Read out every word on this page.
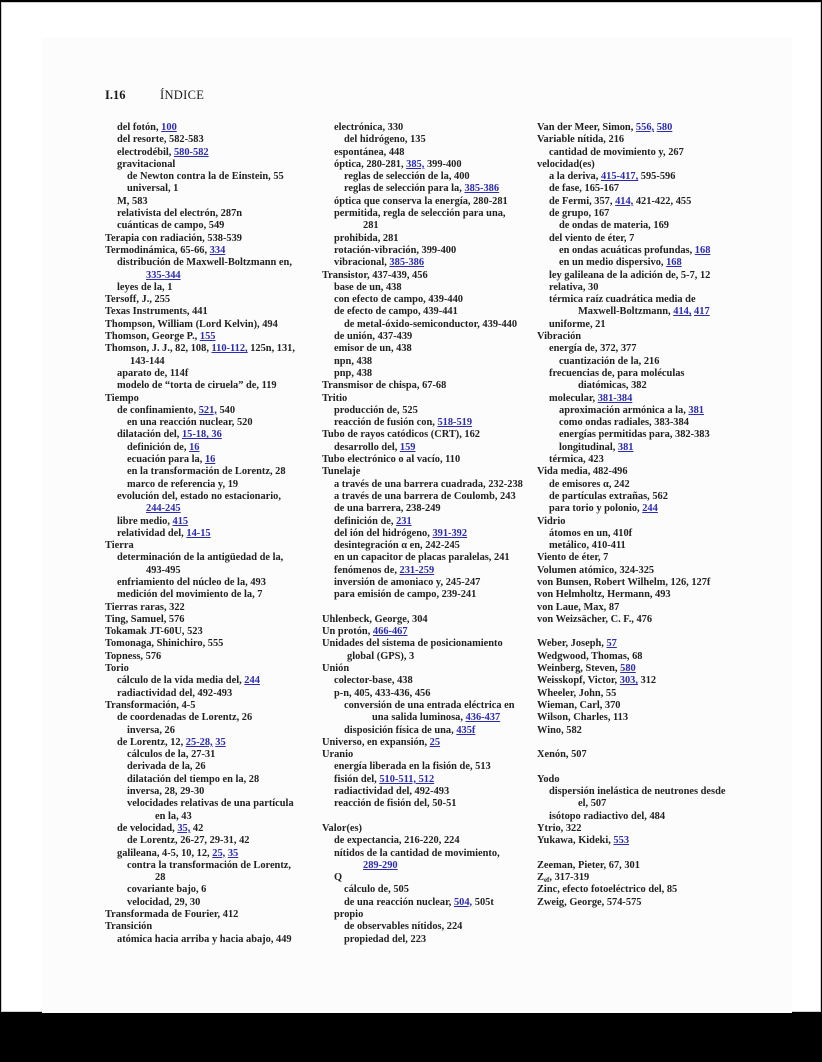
I.16	ÍNDICE
del fotón, 100
del resorte, 582-583
electrodébil, 580-582
gravitacional
de Newton contra la de Einstein, 55
universal, 1
M, 583
relativista del electrón, 287n
cuánticas de campo, 549
Terapia con radiación, 538-539
Termodinámica, 65-66, 334
distribución de Maxwell-Boltzmann en,
335-344
leyes de la, 1
Tersoff, J., 255
Texas Instruments, 441
Thompson, William (Lord Kelvin), 494
Thomson, George P., 155
Thomson, J. J., 82, 108, 110-112, 125n, 131,
143-144
aparato de, 114f
modelo de “torta de ciruela” de, 119
Tiempo
de confinamiento, 521, 540
en una reacción nuclear, 520
dilatación del, 15-18, 36
definición de, 16
ecuación para la, 16
en la transformación de Lorentz, 28
marco de referencia y, 19
evolución del, estado no estacionario,
244-245
libre medio, 415
relatividad del, 14-15
Tierra
determinación de la antigüedad de la,
493-495
enfriamiento del núcleo de la, 493
medición del movimiento de la, 7
Tierras raras, 322
Ting, Samuel, 576
Tokamak JT-60U, 523
Tomonaga, Shinichiro, 555
Topness, 576
Torio
cálculo de la vida media del, 244
radiactividad del, 492-493
Transformación, 4-5
de coordenadas de Lorentz, 26
inversa, 26
de Lorentz, 12, 25-28, 35
cálculos de la, 27-31
derivada de la, 26
dilatación del tiempo en la, 28
inversa, 28, 29-30
velocidades relativas de una partícula
en la, 43
de velocidad, 35, 42
de Lorentz, 26-27, 29-31, 42
galileana, 4-5, 10, 12, 25, 35
contra la transformación de Lorentz,
28
covariante bajo, 6
velocidad, 29, 30
Transformada de Fourier, 412
Transición
atómica hacia arriba y hacia abajo, 449
electrónica, 330
del hidrógeno, 135
espontánea, 448
óptica, 280-281, 385, 399-400
reglas de selección de la, 400
reglas de selección para la, 385-386
óptica que conserva la energía, 280-281
permitida, regla de selección para una,
281
prohibida, 281
rotación-vibración, 399-400
vibracional, 385-386
Transistor, 437-439, 456
base de un, 438
con efecto de campo, 439-440
de efecto de campo, 439-441
de metal-óxido-semiconductor, 439-440
de unión, 437-439
emisor de un, 438
npn, 438
pnp, 438
Transmisor de chispa, 67-68
Tritio
producción de, 525
reacción de fusión con, 518-519
Tubo de rayos catódicos (CRT), 162
desarrollo del, 159
Tubo electrónico o al vacío, 110
Tunelaje
a través de una barrera cuadrada, 232-238
a través de una barrera de Coulomb, 243
de una barrera, 238-249
definición de, 231
del ión del hidrógeno, 391-392
desintegración α en, 242-245
en un capacitor de placas paralelas, 241
fenómenos de, 231-259
inversión de amoniaco y, 245-247
para emisión de campo, 239-241
Uhlenbeck, George, 304
Un protón, 466-467
Unidades del sistema de posicionamiento
global (GPS), 3
Unión
colector-base, 438
p-n, 405, 433-436, 456
conversión de una entrada eléctrica en
una salida luminosa, 436-437
disposición física de una, 435f
Universo, en expansión, 25
Uranio
energía liberada en la fisión de, 513
fisión del, 510-511, 512
radiactividad del, 492-493
reacción de fisión del, 50-51
Valor(es)
de expectancia, 216-220, 224
nítidos de la cantidad de movimiento,
289-290
Q
cálculo de, 505
de una reacción nuclear, 504, 505t
propio
de observables nítidos, 224
propiedad del, 223
Van der Meer, Simon, 556, 580
Variable nítida, 216
cantidad de movimiento y, 267
velocidad(es)
a la deriva, 415-417, 595-596
de fase, 165-167
de Fermi, 357, 414, 421-422, 455
de grupo, 167
de ondas de materia, 169
del viento de éter, 7
en ondas acuáticas profundas, 168
en un medio dispersivo, 168
ley galileana de la adición de, 5-7, 12
relativa, 30
térmica raíz cuadrática media de
Maxwell-Boltzmann, 414, 417
uniforme, 21
Vibración
energía de, 372, 377
cuantización de la, 216
frecuencias de, para moléculas
diatómicas, 382
molecular, 381-384
aproximación armónica a la, 381
como ondas radiales, 383-384
energías permitidas para, 382-383
longitudinal, 381
térmica, 423
Vida media, 482-496
de emisores α, 242
de partículas extrañas, 562
para torio y polonio, 244
Vidrio
átomos en un, 410f
metálico, 410-411
Viento de éter, 7
Volumen atómico, 324-325
von Bunsen, Robert Wilhelm, 126, 127f
von Helmholtz, Hermann, 493
von Laue, Max, 87
von Weizsächer, C. F., 476
Weber, Joseph, 57
Wedgwood, Thomas, 68
Weinberg, Steven, 580
Weisskopf, Victor, 303, 312
Wheeler, John, 55
Wieman, Carl, 370
Wilson, Charles, 113
Wino, 582
Xenón, 507
Yodo
dispersión inelástica de neutrones desde
el, 507
isótopo radiactivo del, 484
Ytrio, 322
Yukawa, Kideki, 553
Zeeman, Pieter, 67, 301
$Z_{ef}$, 317-319
Zinc, efecto fotoeléctrico del, 85
Zweig, George, 574-575
